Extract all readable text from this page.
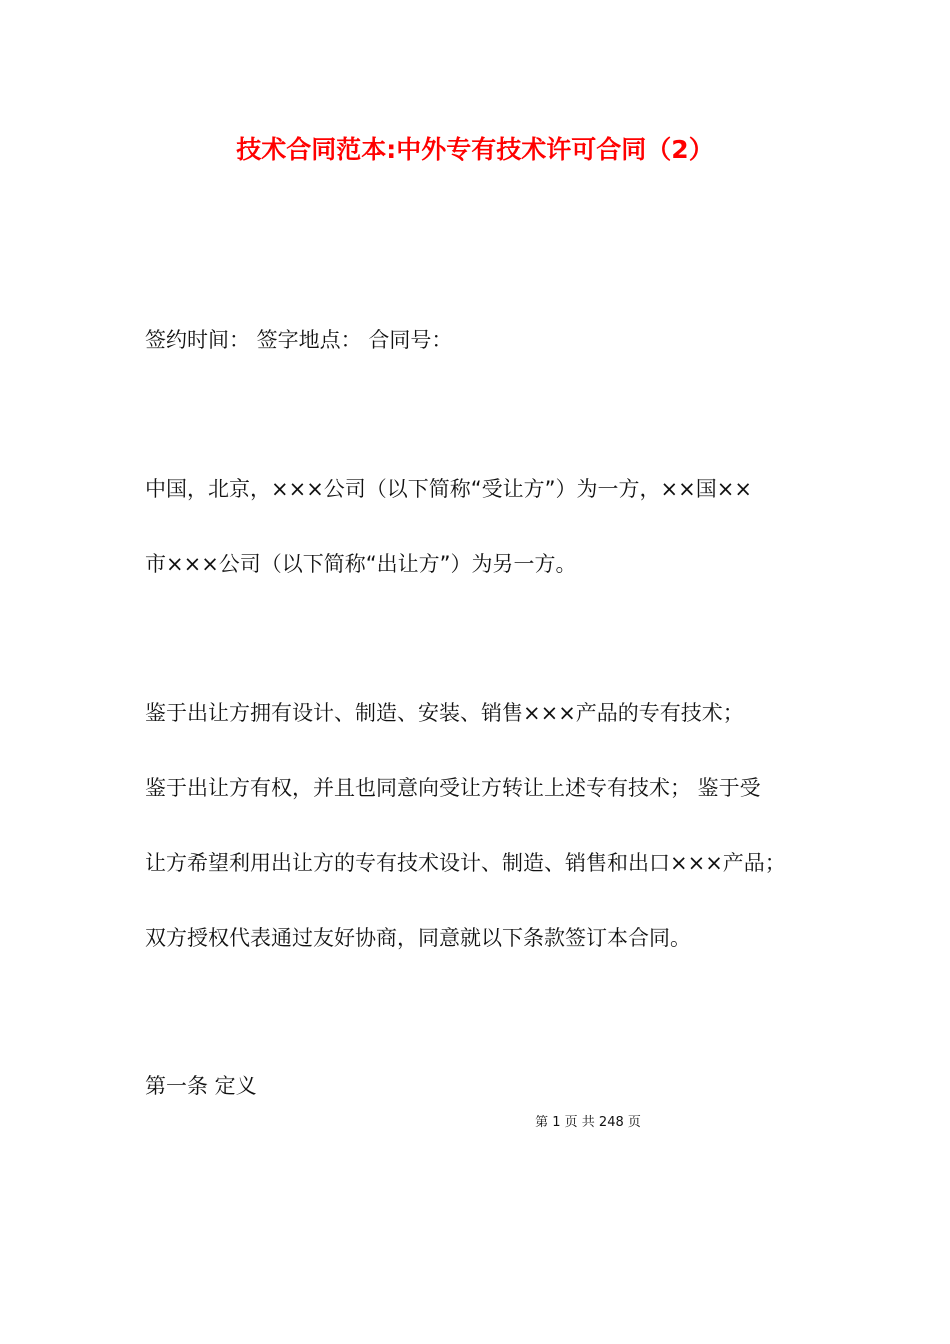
技术合同范本:中外专有技术许可合同（2）
签约时间： 签字地点： 合同号：
中国，北京，×××公司（以下简称“受让方”）为一方，××国××
市×××公司（以下简称“出让方”）为另一方。
鉴于出让方拥有设计、制造、安装、销售×××产品的专有技术；
鉴于出让方有权，并且也同意向受让方转让上述专有技术； 鉴于受
让方希望利用出让方的专有技术设计、制造、销售和出口×××产品；
双方授权代表通过友好协商，同意就以下条款签订本合同。
第一条 定义
第 1 页 共 248 页
